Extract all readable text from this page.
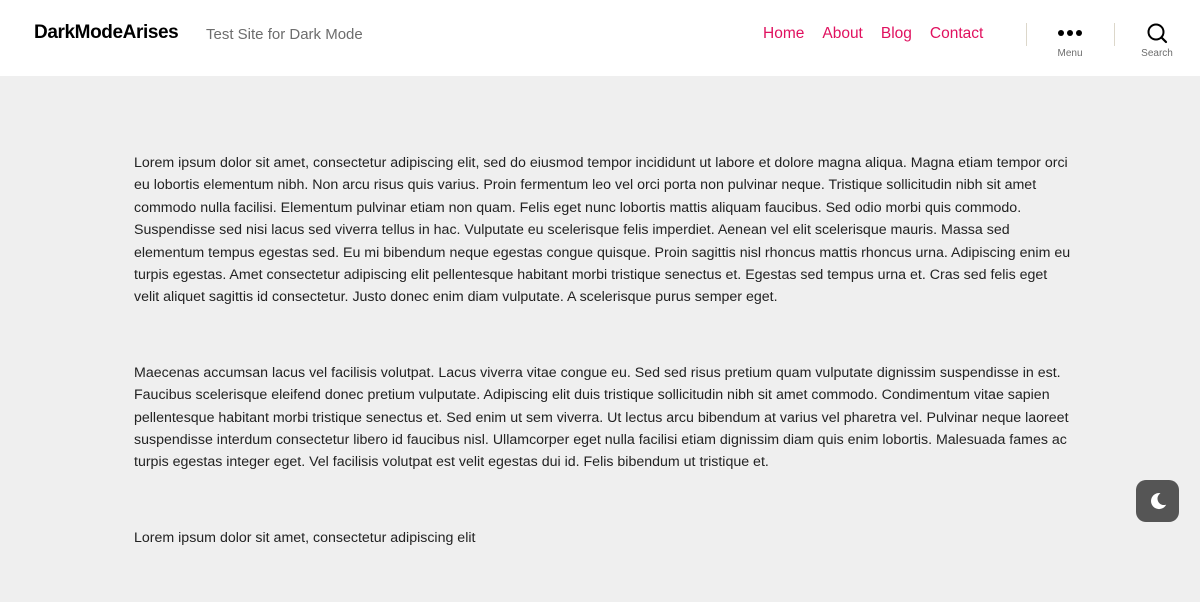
DarkModeArises Test Site for Dark Mode	Home About Blog Contact
Menu	Search

Lorem ipsum dolor sit amet, consectetur adipiscing elit, sed do eiusmod tempor incididunt ut labore et dolore magna aliqua. Magna etiam tempor orci eu lobortis elementum nibh. Non arcu risus quis varius. Proin fermentum leo vel orci porta non pulvinar neque. Tristique sollicitudin nibh sit amet commodo nulla facilisi. Elementum pulvinar etiam non quam. Felis eget nunc lobortis mattis aliquam faucibus. Sed odio morbi quis commodo. Suspendisse sed nisi lacus sed viverra tellus in hac. Vulputate eu scelerisque felis imperdiet. Aenean vel elit scelerisque mauris. Massa sed elementum tempus egestas sed. Eu mi bibendum neque egestas congue quisque. Proin sagittis nisl rhoncus mattis rhoncus urna. Adipiscing enim eu turpis egestas. Amet consectetur adipiscing elit pellentesque habitant morbi tristique senectus et. Egestas sed tempus urna et. Cras sed felis eget velit aliquet sagittis id consectetur. Justo donec enim diam vulputate. A scelerisque purus semper eget.

Maecenas accumsan lacus vel facilisis volutpat. Lacus viverra vitae congue eu. Sed sed risus pretium quam vulputate dignissim suspendisse in est. Faucibus scelerisque eleifend donec pretium vulputate. Adipiscing elit duis tristique sollicitudin nibh sit amet commodo. Condimentum vitae sapien pellentesque habitant morbi tristique senectus et. Sed enim ut sem viverra. Ut lectus arcu bibendum at varius vel pharetra vel. Pulvinar neque laoreet suspendisse interdum consectetur libero id faucibus nisl. Ullamcorper eget nulla facilisi etiam dignissim diam quis enim lobortis. Malesuada fames ac turpis egestas integer eget. Vel facilisis volutpat est velit egestas dui id. Felis bibendum ut tristique et.

Lorem ipsum dolor sit amet, consectetur adipiscing elit
